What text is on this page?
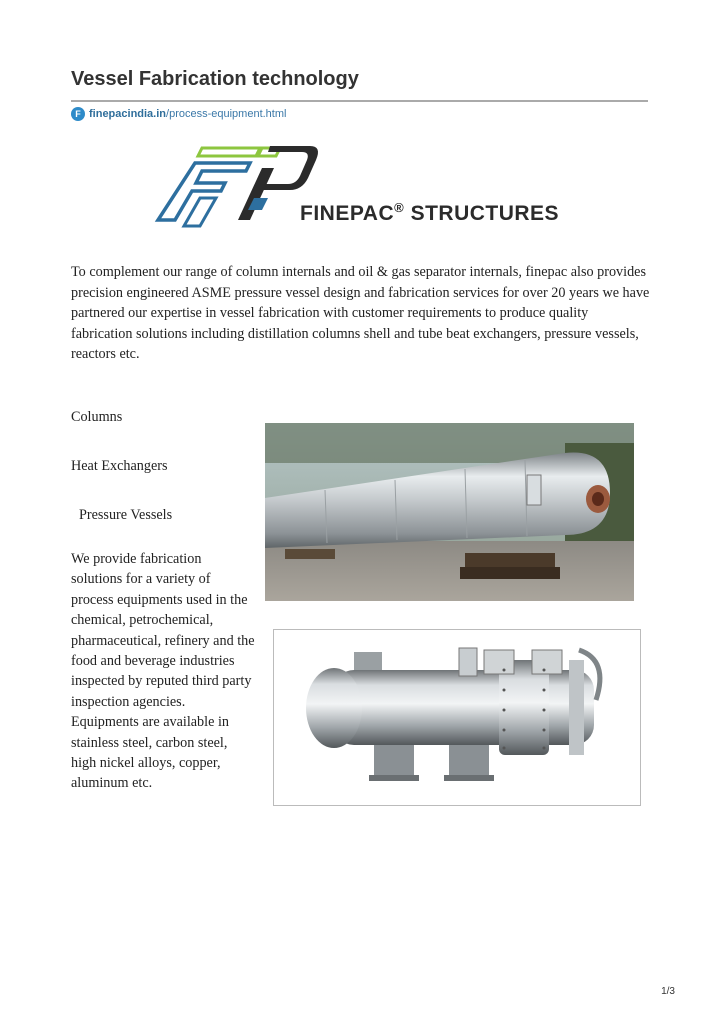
Vessel Fabrication technology
F finepacindia.in /process-equipment.html
FINEPAC® STRUCTURES

To complement our range of column internals and oil & gas separator internals, finepac also provides precision engineered ASME pressure vessel design and fabrication services for over 20 years we have partnered our expertise in vessel fabrication with customer requirements to produce quality fabrication solutions including distillation columns shell and tube beat exchangers, pressure vessels, reactors etc.

Columns
Heat Exchangers
Pressure Vessels

We provide fabrication solutions for a variety of process equipments used in the chemical, petrochemical, pharmaceutical, refinery and the food and beverage industries inspected by reputed third party inspection agencies. Equipments are available in stainless steel, carbon steel, high nickel alloys, copper, aluminum etc.

1/3
